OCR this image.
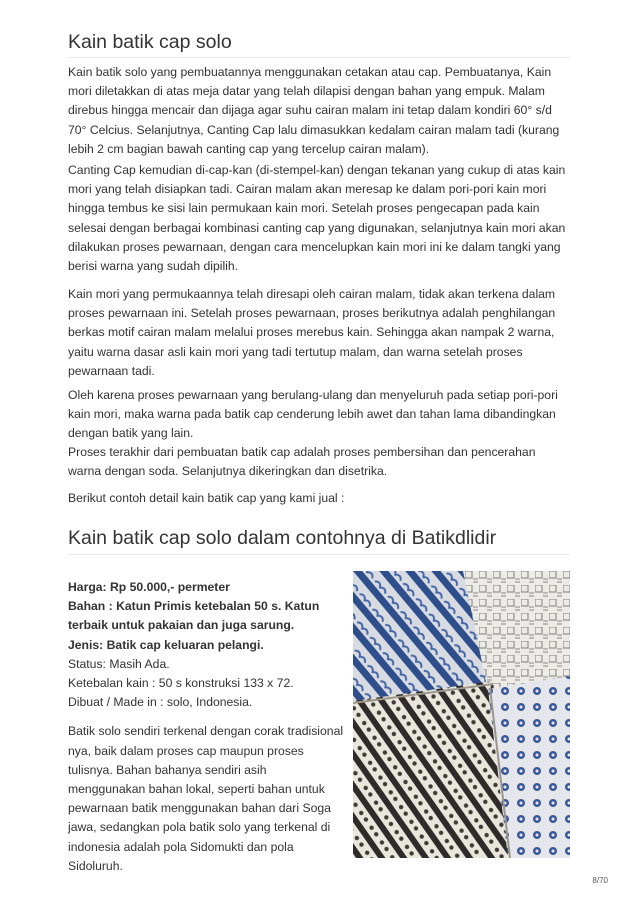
Kain batik cap solo

Kain batik solo yang pembuatannya menggunakan cetakan atau cap. Pembuatanya, Kain mori diletakkan di atas meja datar yang telah dilapisi dengan bahan yang empuk. Malam direbus hingga mencair dan dijaga agar suhu cairan malam ini tetap dalam kondiri 60° s/d 70° Celcius. Selanjutnya, Canting Cap lalu dimasukkan kedalam cairan malam tadi (kurang lebih 2 cm bagian bawah canting cap yang tercelup cairan malam).

Canting Cap kemudian di-cap-kan (di-stempel-kan) dengan tekanan yang cukup di atas kain mori yang telah disiapkan tadi. Cairan malam akan meresap ke dalam pori-pori kain mori hingga tembus ke sisi lain permukaan kain mori. Setelah proses pengecapan pada kain selesai dengan berbagai kombinasi canting cap yang digunakan, selanjutnya kain mori akan dilakukan proses pewarnaan, dengan cara mencelupkan kain mori ini ke dalam tangki yang berisi warna yang sudah dipilih.

Kain mori yang permukaannya telah diresapi oleh cairan malam, tidak akan terkena dalam proses pewarnaan ini. Setelah proses pewarnaan, proses berikutnya adalah penghilangan berkas motif cairan malam melalui proses merebus kain. Sehingga akan nampak 2 warna, yaitu warna dasar asli kain mori yang tadi tertutup malam, dan warna setelah proses pewarnaan tadi.

Oleh karena proses pewarnaan yang berulang-ulang dan menyeluruh pada setiap pori-pori kain mori, maka warna pada batik cap cenderung lebih awet dan tahan lama dibandingkan dengan batik yang lain.

Proses terakhir dari pembuatan batik cap adalah proses pembersihan dan pencerahan warna dengan soda. Selanjutnya dikeringkan dan disetrika.

Berikut contoh detail kain batik cap yang kami jual :

Kain batik cap solo dalam contohnya di Batikdlidir

Harga: Rp 50.000,- permeter

Bahan : Katun Primis ketebalan 50 s. Katun terbaik untuk pakaian dan juga sarung.

Jenis: Batik cap keluaran pelangi.

Status: Masih Ada.

Ketebalan kain : 50 s konstruksi 133 x 72.

Dibuat / Made in : solo, Indonesia.

Batik solo sendiri terkenal dengan corak tradisional nya, baik dalam proses cap maupun proses tulisnya. Bahan bahanya sendiri asih menggunakan bahan lokal, seperti bahan untuk pewarnaan batik menggunakan bahan dari Soga jawa, sedangkan pola batik solo yang terkenal di indonesia adalah pola Sidomukti dan pola Sidoluruh.

8/70
